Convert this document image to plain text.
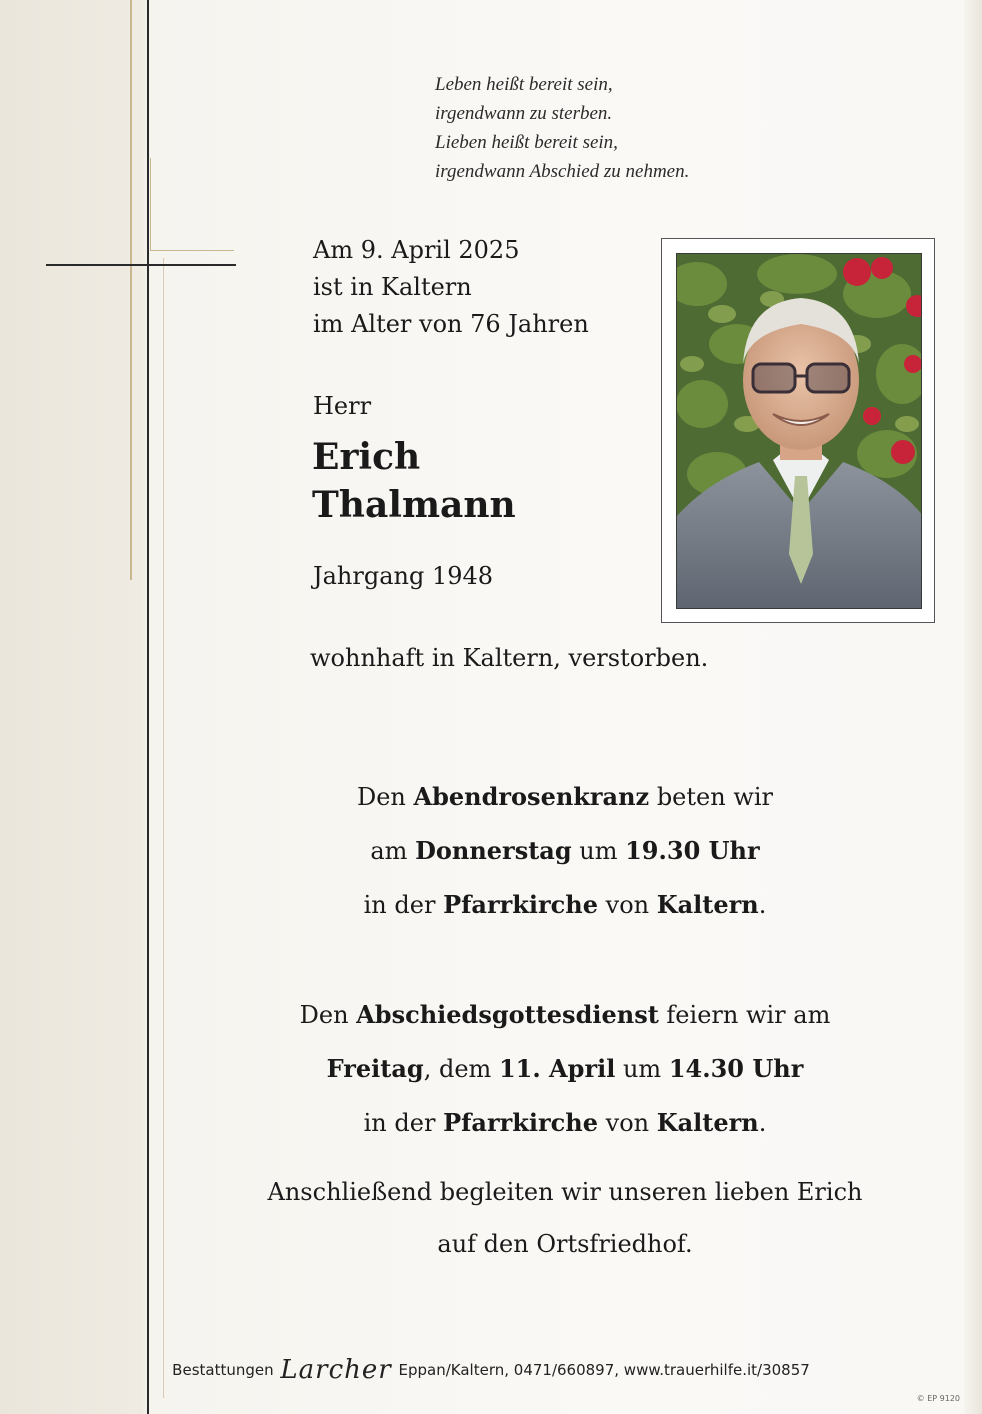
Leben heißt bereit sein,
irgendwann zu sterben.
Lieben heißt bereit sein,
irgendwann Abschied zu nehmen.
Am 9. April 2025
ist in Kaltern
im Alter von 76 Jahren
Herr
Erich
Thalmann
Jahrgang 1948
wohnhaft in Kaltern, verstorben.
Den Abendrosenkranz beten wir
am Donnerstag um 19.30 Uhr
in der Pfarrkirche von Kaltern.
Den Abschiedsgottesdienst feiern wir am
Freitag, dem 11. April um 14.30 Uhr
in der Pfarrkirche von Kaltern.
Anschließend begleiten wir unseren lieben Erich
auf den Ortsfriedhof.
Bestattungen Larcher Eppan/Kaltern, 0471/660897, www.trauerhilfe.it/30857
© EP 9120
